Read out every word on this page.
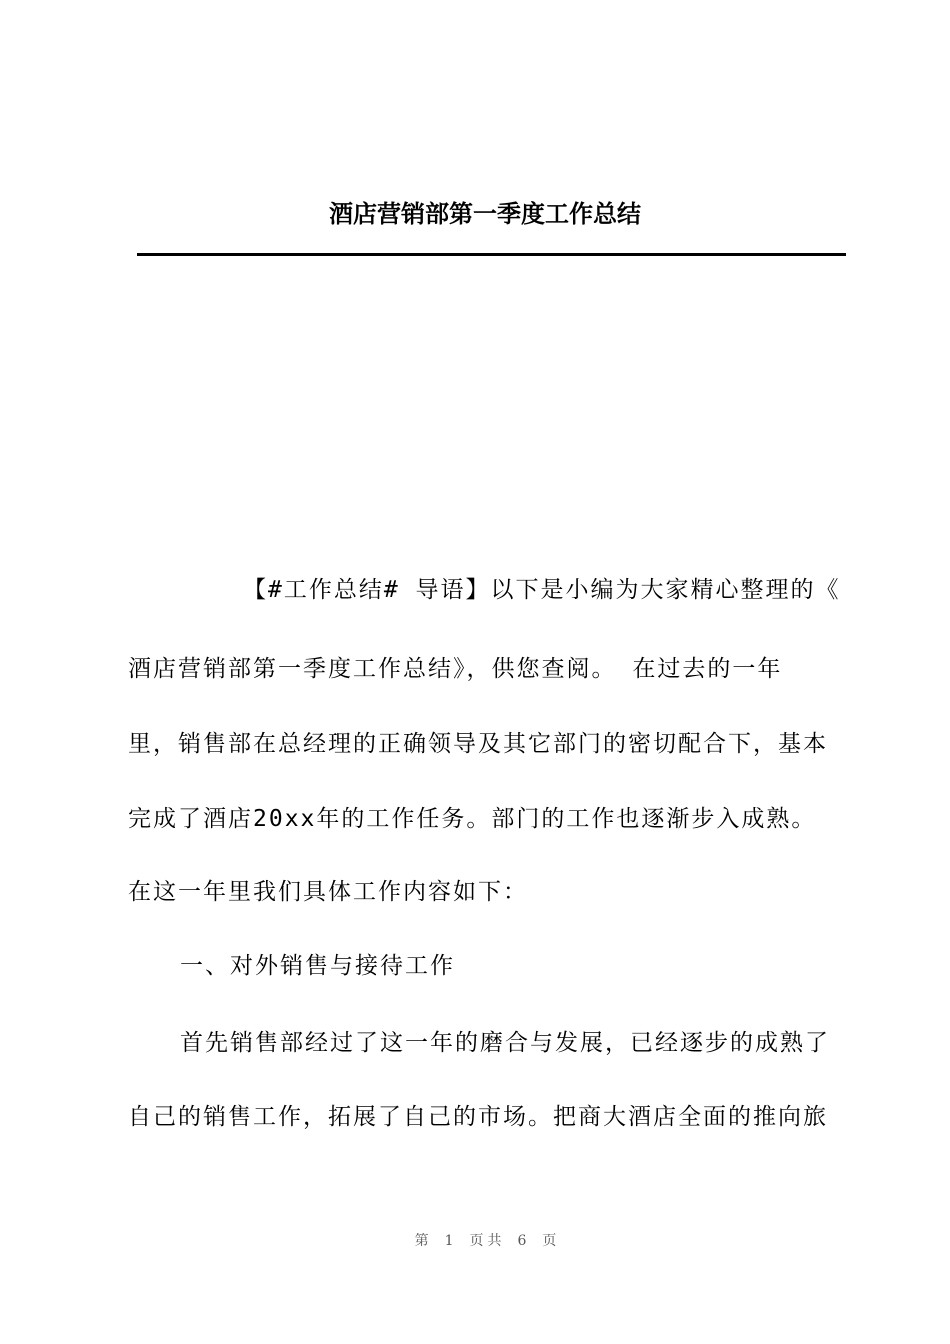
酒店营销部第一季度工作总结
【#工作总结# 导语】以下是小编为大家精心整理的《
酒店营销部第一季度工作总结》，供您查阅。 在过去的一年
里，销售部在总经理的正确领导及其它部门的密切配合下，基本
完成了酒店20xx年的工作任务。部门的工作也逐渐步入成熟。
在这一年里我们具体工作内容如下：
一、对外销售与接待工作
首先销售部经过了这一年的磨合与发展，已经逐步的成熟了
自己的销售工作，拓展了自己的市场。把商大酒店全面的推向旅
第 1 页共 6 页
